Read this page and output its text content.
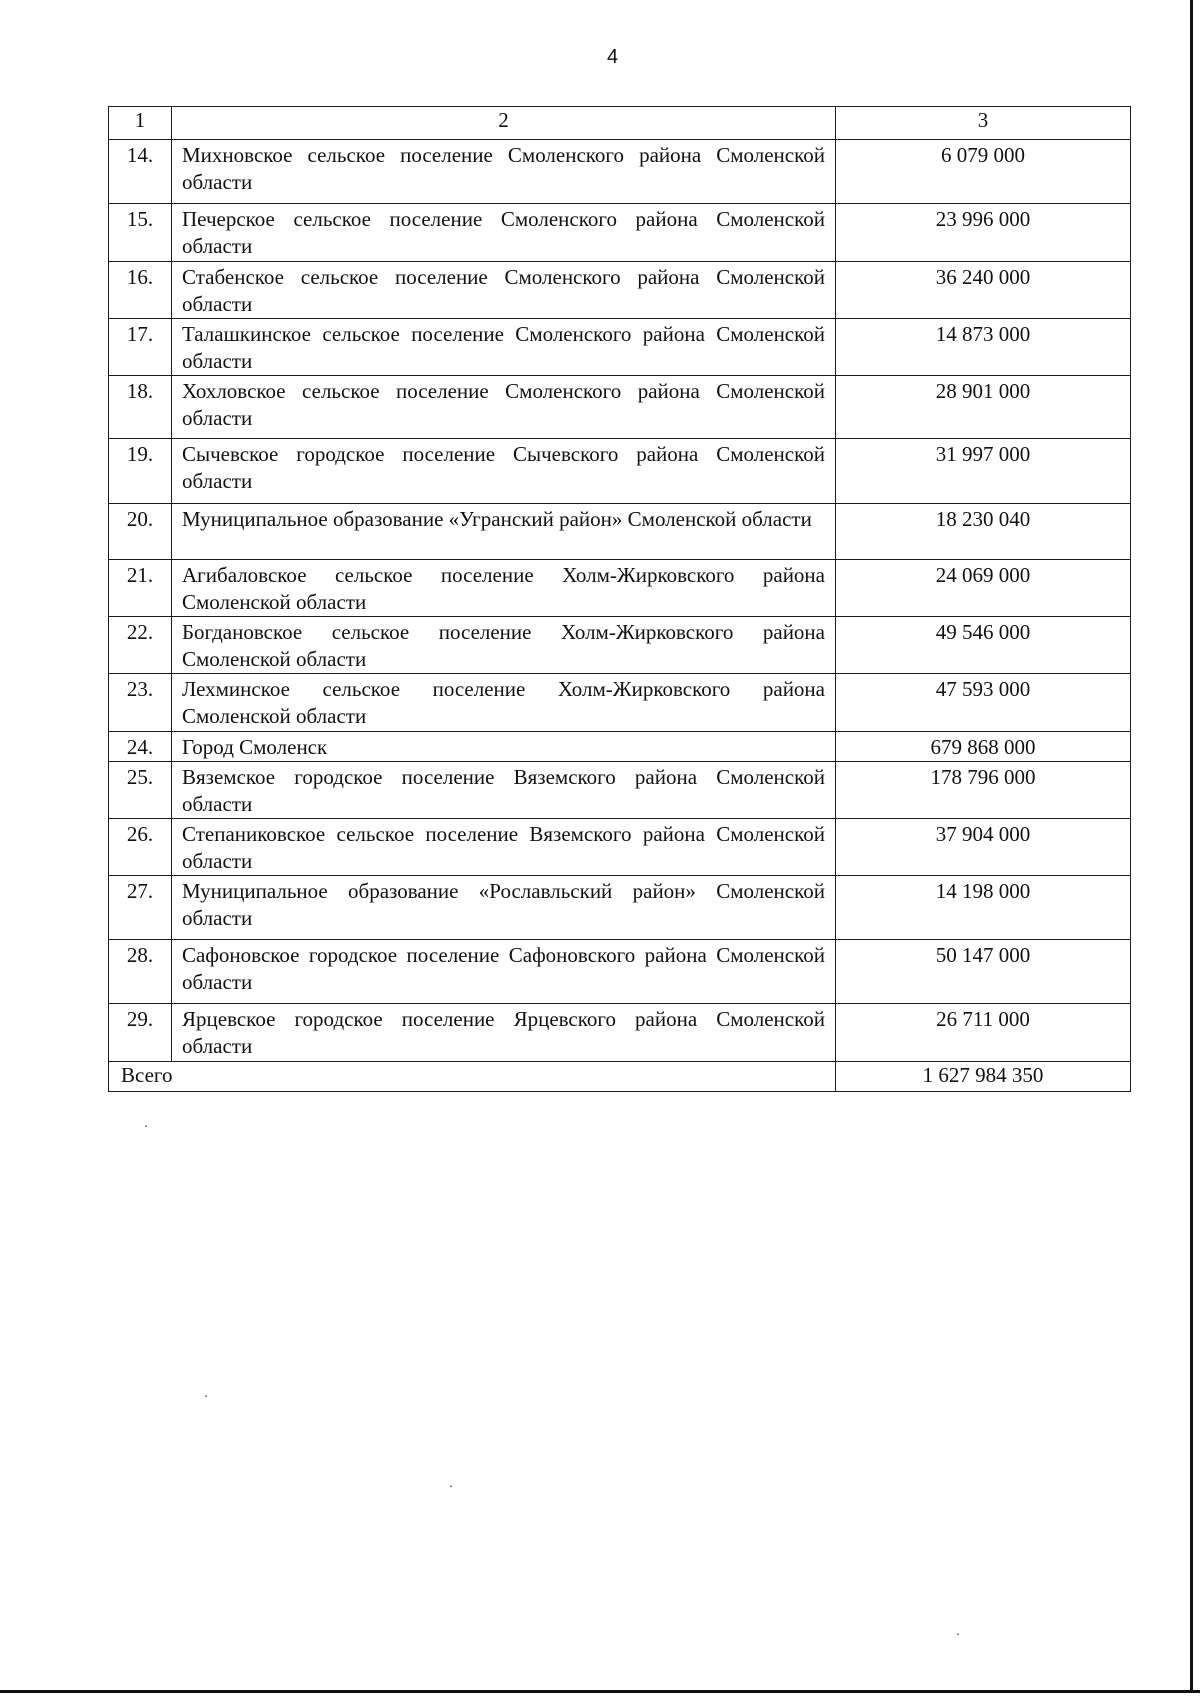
4
1	2	3
14.	Михновское сельское поселение Смоленского района Смоленской области	6 079 000
15.	Печерское сельское поселение Смоленского района Смоленской области	23 996 000
16.	Стабенское сельское поселение Смоленского района Смоленской области	36 240 000
17.	Талашкинское сельское поселение Смоленского района Смоленской области	14 873 000
18.	Хохловское сельское поселение Смоленского района Смоленской области	28 901 000
19.	Сычевское городское поселение Сычевского района Смоленской области	31 997 000
20.	Муниципальное образование «Угранский район» Смоленской области	18 230 040
21.	Агибаловское сельское поселение Холм-Жирковского района Смоленской области	24 069 000
22.	Богдановское сельское поселение Холм-Жирковского района Смоленской области	49 546 000
23.	Лехминское сельское поселение Холм-Жирковского района Смоленской области	47 593 000
24.	Город Смоленск	679 868 000
25.	Вяземское городское поселение Вяземского района Смоленской области	178 796 000
26.	Степаниковское сельское поселение Вяземского района Смоленской области	37 904 000
27.	Муниципальное образование «Рославльский район» Смоленской области	14 198 000
28.	Сафоновское городское поселение Сафоновского района Смоленской области	50 147 000
29.	Ярцевское городское поселение Ярцевского района Смоленской области	26 711 000
Всего		1 627 984 350
.
.
.
.
